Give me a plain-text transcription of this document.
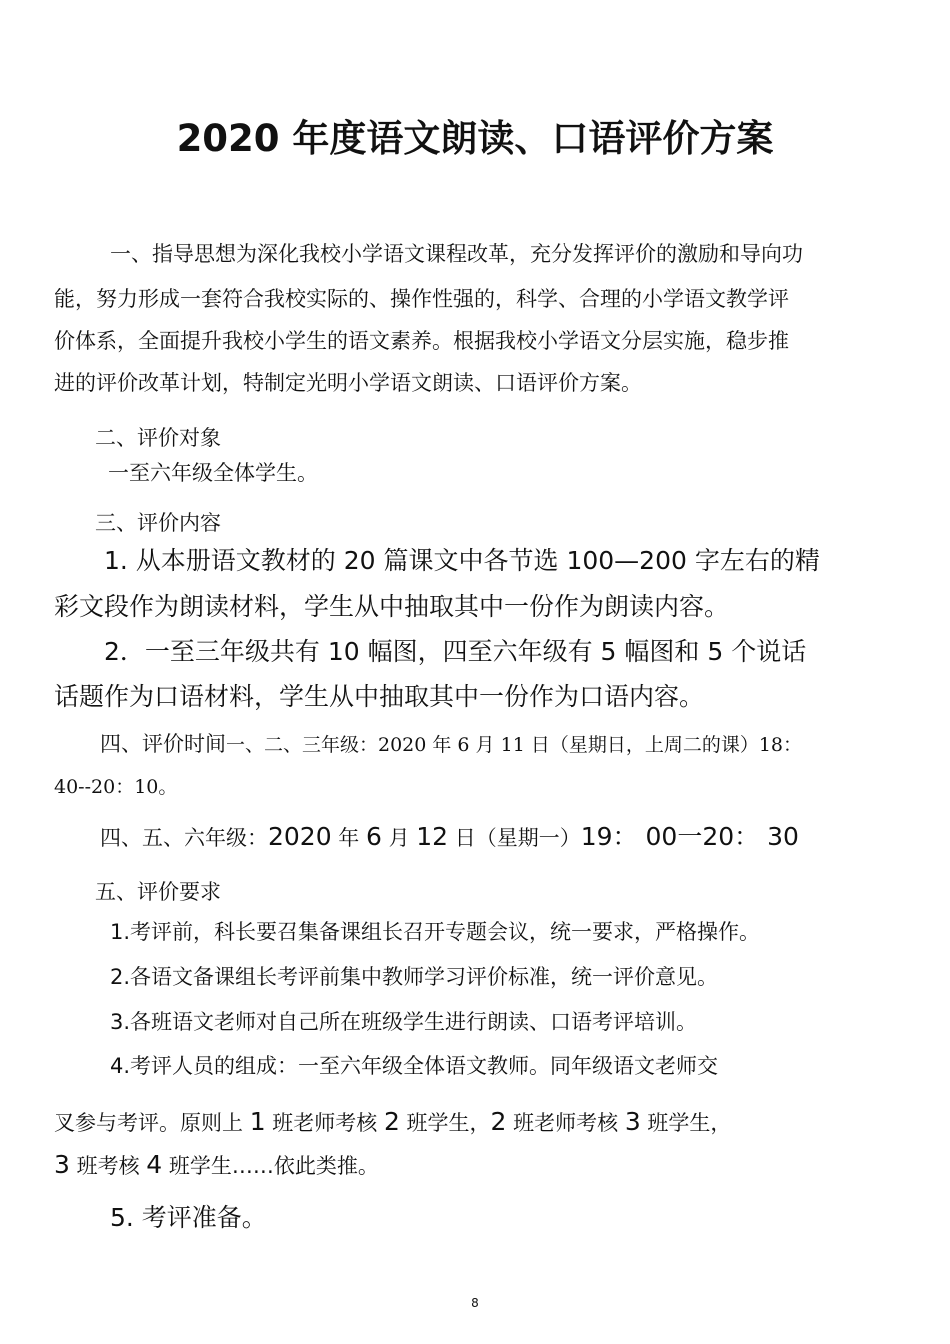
2020 年度语文朗读、口语评价方案
一、指导思想为深化我校小学语文课程改革，充分发挥评价的激励和导向功
能，努力形成一套符合我校实际的、操作性强的，科学、合理的小学语文教学评
价体系，全面提升我校小学生的语文素养。根据我校小学语文分层实施，稳步推
进的评价改革计划，特制定光明小学语文朗读、口语评价方案。
二、评价对象
一至六年级全体学生。
三、评价内容
1. 从本册语文教材的 20 篇课文中各节选 100—200 字左右的精
彩文段作为朗读材料，学生从中抽取其中一份作为朗读内容。
2．一至三年级共有 10 幅图，四至六年级有 5 幅图和 5 个说话
话题作为口语材料，学生从中抽取其中一份作为口语内容。
四、评价时间一、二、三年级：2020 年 6 月 11 日（星期日，上周二的课）18：
40--20：10。
四、五、六年级：2020 年 6 月 12 日（星期一）19： 00一20： 30
五、评价要求
1.考评前，科长要召集备课组长召开专题会议，统一要求，严格操作。
2.各语文备课组长考评前集中教师学习评价标准，统一评价意见。
3.各班语文老师对自己所在班级学生进行朗读、口语考评培训。
4.考评人员的组成：一至六年级全体语文教师。同年级语文老师交
叉参与考评。原则上 1 班老师考核 2 班学生，2 班老师考核 3 班学生，
3 班考核 4 班学生……依此类推。
5. 考评准备。
8
